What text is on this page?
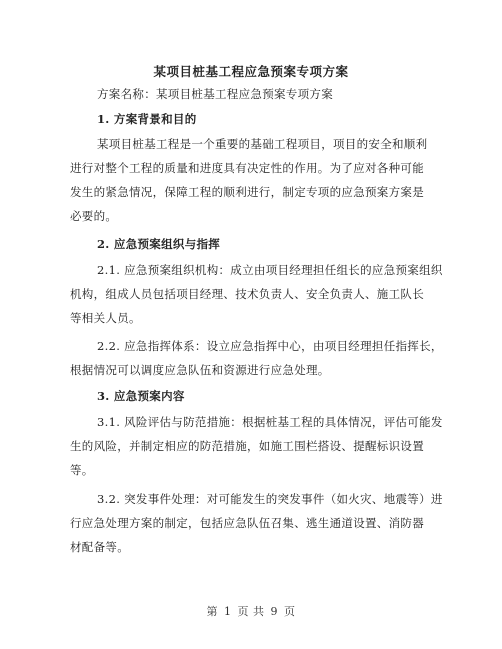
某项目桩基工程应急预案专项方案
方案名称：某项目桩基工程应急预案专项方案
1. 方案背景和目的
某项目桩基工程是一个重要的基础工程项目，项目的安全和顺利
进行对整个工程的质量和进度具有决定性的作用。为了应对各种可能
发生的紧急情况，保障工程的顺利进行，制定专项的应急预案方案是
必要的。
2. 应急预案组织与指挥
2.1. 应急预案组织机构：成立由项目经理担任组长的应急预案组织
机构，组成人员包括项目经理、技术负责人、安全负责人、施工队长
等相关人员。
2.2. 应急指挥体系：设立应急指挥中心，由项目经理担任指挥长，
根据情况可以调度应急队伍和资源进行应急处理。
3. 应急预案内容
3.1. 风险评估与防范措施：根据桩基工程的具体情况，评估可能发
生的风险，并制定相应的防范措施，如施工围栏搭设、提醒标识设置
等。
3.2. 突发事件处理：对可能发生的突发事件（如火灾、地震等）进
行应急处理方案的制定，包括应急队伍召集、逃生通道设置、消防器
材配备等。
第 1 页 共 9 页
